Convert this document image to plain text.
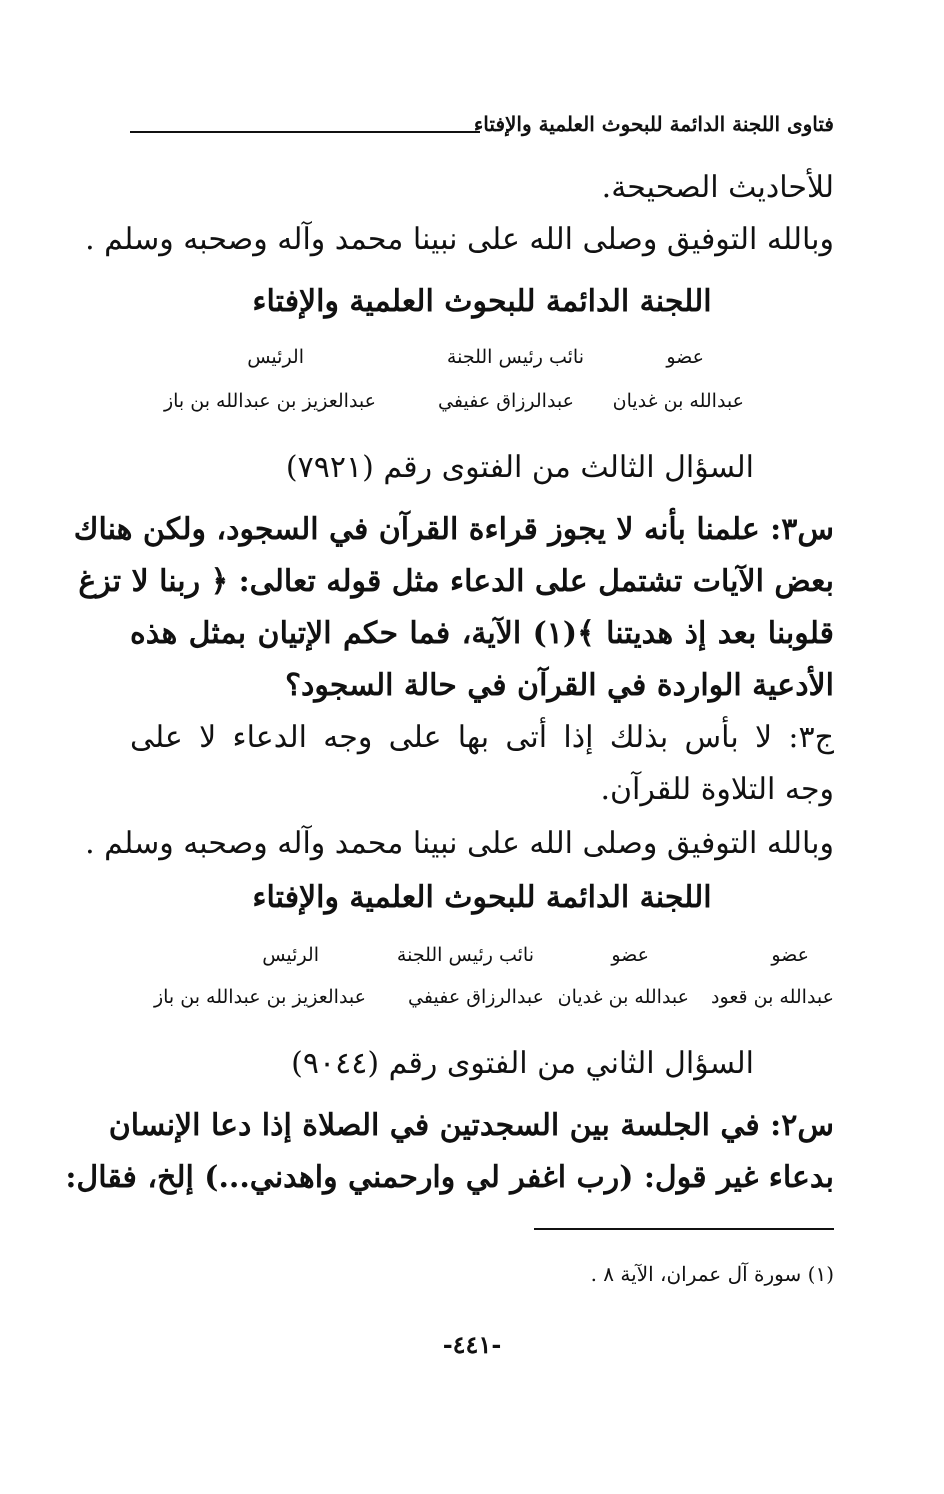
فتاوى اللجنة الدائمة للبحوث العلمية والإفتاء
للأحاديث الصحيحة.
وبالله التوفيق وصلى الله على نبينا محمد وآله وصحبه وسلم .
اللجنة الدائمة للبحوث العلمية والإفتاء
عضو
نائب رئيس اللجنة
الرئيس
عبدالله بن غديان
عبدالرزاق عفيفي
عبدالعزيز بن عبدالله بن باز
السؤال الثالث من الفتوى رقم (٧٩٢١)
س٣: علمنا بأنه لا يجوز قراءة القرآن في السجود، ولكن هناك
بعض الآيات تشتمل على الدعاء مثل قوله تعالى: ﴿ ربنا لا تزغ
قلوبنا بعد إذ هديتنا ﴾(١) الآية، فما حكم الإتيان بمثل هذه
الأدعية الواردة في القرآن في حالة السجود؟
ج٣: لا بأس بذلك إذا أتى بها على وجه الدعاء لا على
وجه التلاوة للقرآن.
وبالله التوفيق وصلى الله على نبينا محمد وآله وصحبه وسلم .
اللجنة الدائمة للبحوث العلمية والإفتاء
عضو
عضو
نائب رئيس اللجنة
الرئيس
عبدالله بن قعود
عبدالله بن غديان
عبدالرزاق عفيفي
عبدالعزيز بن عبدالله بن باز
السؤال الثاني من الفتوى رقم (٩٠٤٤)
س٢: في الجلسة بين السجدتين في الصلاة إذا دعا الإنسان
بدعاء غير قول: (رب اغفر لي وارحمني واهدني...) إلخ، فقال:
(١) سورة آل عمران، الآية ٨ .
-٤٤١-
